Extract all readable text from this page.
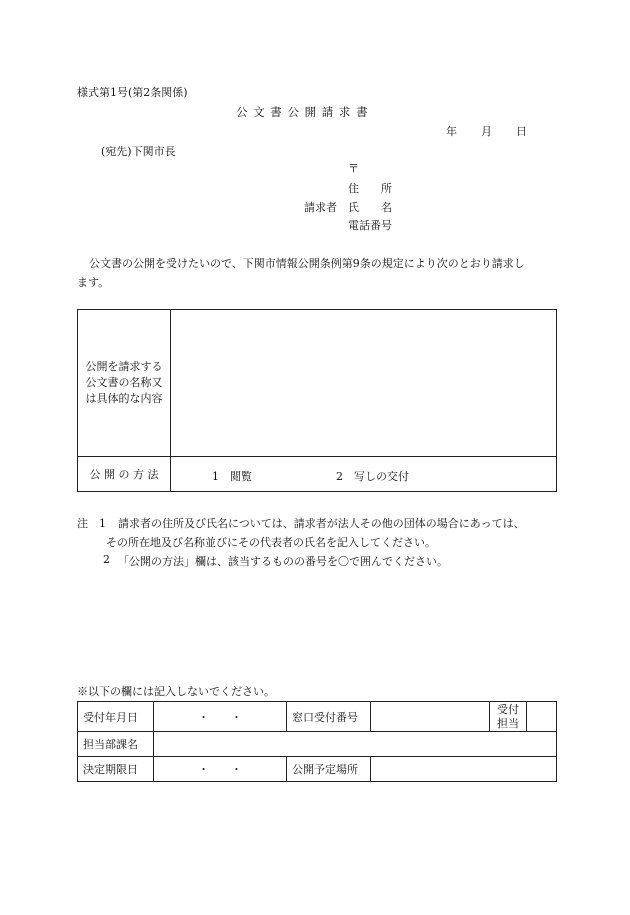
様式第1号(第2条関係)
公 文 書 公 開 請 求 書
年 月 日
(宛先)下関市長
〒
住　　所
請求者 氏　　名
電話番号
公文書の公開を受けたいので、下関市情報公開条例第9条の規定により次のとおり請求し
ます。
公開を請求する
公文書の名称又
は具体的な内容	

公 開 の 方 法	1　閲覧 2　写しの交付
注　1 請求者の住所及び氏名については、請求者が法人その他の団体の場合にあっては、
その所在地及び名称並びにその代表者の氏名を記入してください。
2 「公開の方法」欄は、該当するものの番号を〇で囲んでください。
※以下の欄には記入しないでください。
受付年月日	・　　・	窓口受付番号		受付
担当	

担当部課名					
決定期限日	・　　・	公開予定場所			
